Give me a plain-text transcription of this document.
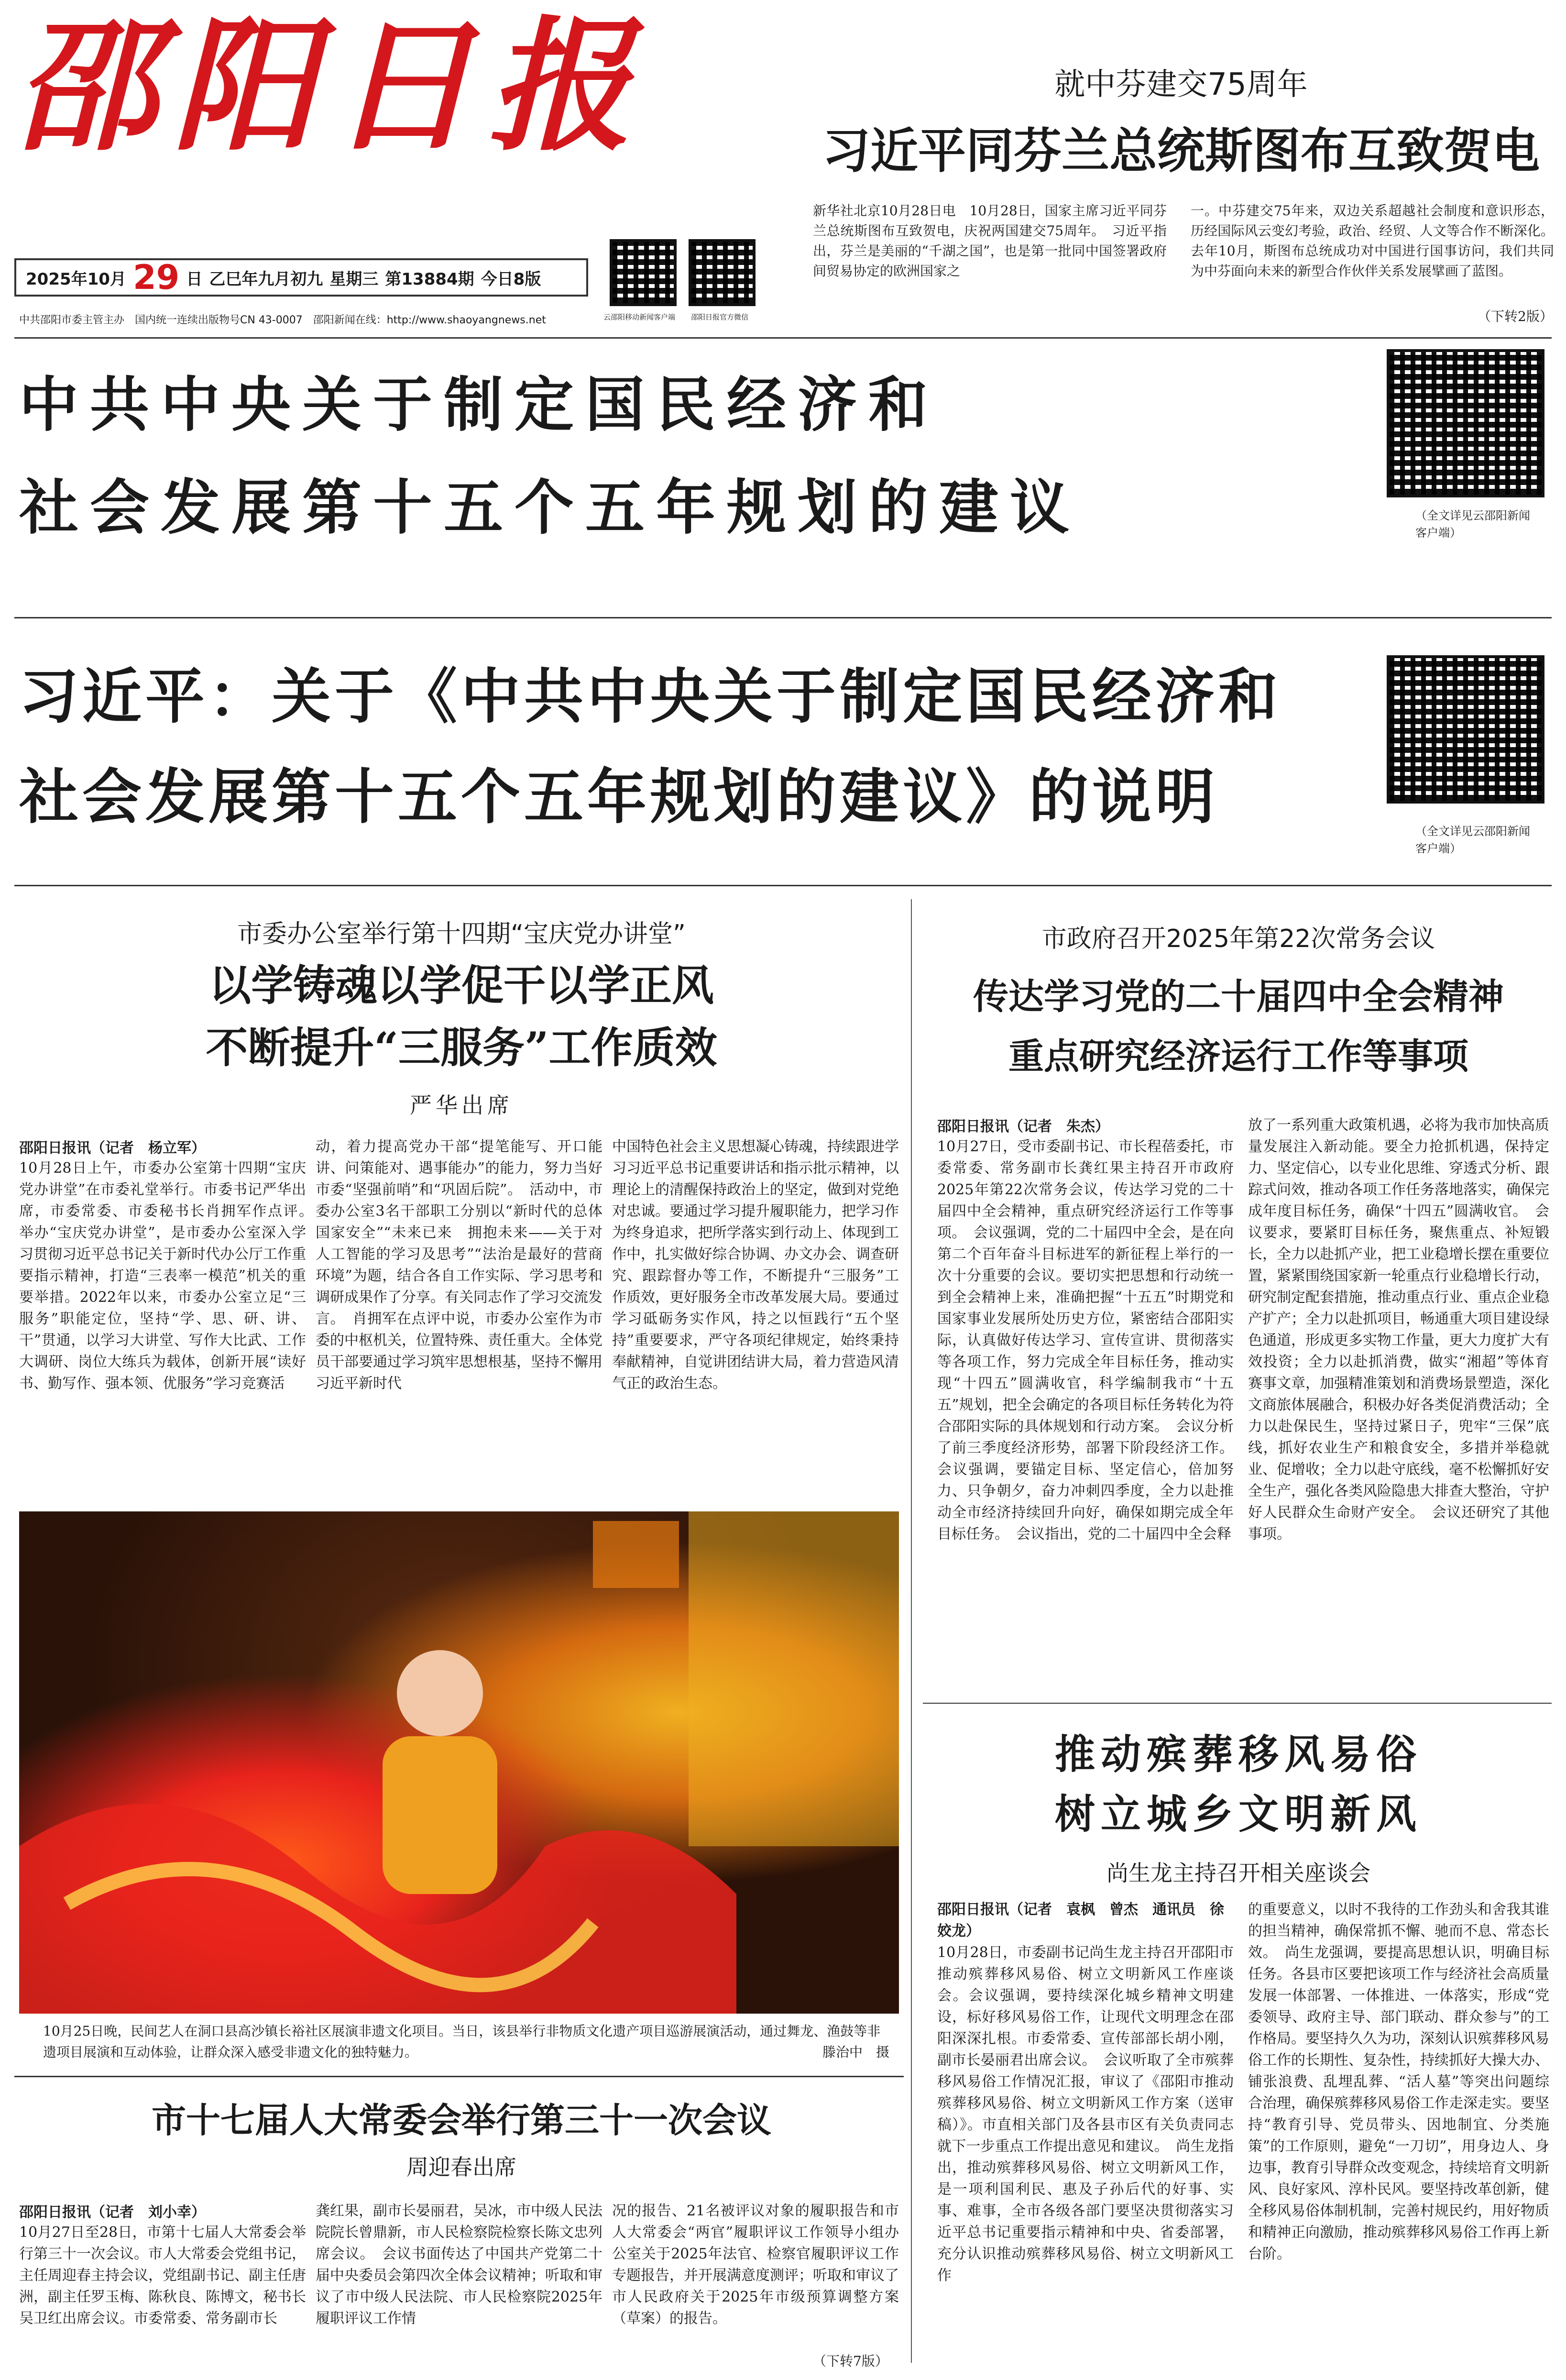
邵阳日报
2025年10月 29 日 乙巳年九月初九 星期三 第13884期 今日8版
中共邵阳市委主管主办　国内统一连续出版物号CN 43-0007　邵阳新闻在线：http://www.shaoyangnews.net	云邵阳移动新闻客户端 邵阳日报官方微信
就中芬建交75周年
习近平同芬兰总统斯图布互致贺电
新华社北京10月28日电　10月28日，国家主席习近平同芬兰总统斯图布互致贺电，庆祝两国建交75周年。　习近平指出，芬兰是美丽的“千湖之国”，也是第一批同中国签署政府间贸易协定的欧洲国家之
一。中芬建交75年来，双边关系超越社会制度和意识形态，历经国际风云变幻考验，政治、经贸、人文等合作不断深化。去年10月，斯图布总统成功对中国进行国事访问，我们共同为中芬面向未来的新型合作伙伴关系发展擘画了蓝图。
（下转2版）
中共中央关于制定国民经济和
社会发展第十五个五年规划的建议	（全文详见云邵阳新闻客户端）
习近平：关于《中共中央关于制定国民经济和
社会发展第十五个五年规划的建议》的说明	（全文详见云邵阳新闻客户端）
市委办公室举行第十四期“宝庆党办讲堂”
以学铸魂以学促干以学正风
不断提升“三服务”工作质效
严华出席
邵阳日报讯（记者　杨立军）
10月28日上午，市委办公室第十四期“宝庆党办讲堂”在市委礼堂举行。市委书记严华出席，市委常委、市委秘书长肖拥军作点评。　举办“宝庆党办讲堂”，是市委办公室深入学习贯彻习近平总书记关于新时代办公厅工作重要指示精神，打造“三表率一模范”机关的重要举措。2022年以来，市委办公室立足“三服务”职能定位，坚持“学、思、研、讲、干”贯通，以学习大讲堂、写作大比武、工作大调研、岗位大练兵为载体，创新开展“读好书、勤写作、强本领、优服务”学习竞赛活
动，着力提高党办干部“提笔能写、开口能讲、问策能对、遇事能办”的能力，努力当好市委“坚强前哨”和“巩固后院”。　活动中，市委办公室3名干部职工分别以“新时代的总体国家安全”“未来已来　拥抱未来——关于对人工智能的学习及思考”“法治是最好的营商环境”为题，结合各自工作实际、学习思考和调研成果作了分享。有关同志作了学习交流发言。　肖拥军在点评中说，市委办公室作为市委的中枢机关，位置特殊、责任重大。全体党员干部要通过学习筑牢思想根基，坚持不懈用习近平新时代
中国特色社会主义思想凝心铸魂，持续跟进学习习近平总书记重要讲话和指示批示精神，以理论上的清醒保持政治上的坚定，做到对党绝对忠诚。要通过学习提升履职能力，把学习作为终身追求，把所学落实到行动上、体现到工作中，扎实做好综合协调、办文办会、调查研究、跟踪督办等工作，不断提升“三服务”工作质效，更好服务全市改革发展大局。要通过学习砥砺务实作风，持之以恒践行“五个坚持”重要要求，严守各项纪律规定，始终秉持奉献精神，自觉讲团结讲大局，着力营造风清气正的政治生态。
10月25日晚，民间艺人在洞口县高沙镇长裕社区展演非遗文化项目。当日，该县举行非物质文化遗产项目巡游展演活动，通过舞龙、渔鼓等非遗项目展演和互动体验，让群众深入感受非遗文化的独特魅力。	滕治中　摄
市十七届人大常委会举行第三十一次会议
周迎春出席
邵阳日报讯（记者　刘小幸）
10月27日至28日，市第十七届人大常委会举行第三十一次会议。市人大常委会党组书记，主任周迎春主持会议，党组副书记、副主任唐洲，副主任罗玉梅、陈秋良、陈博文，秘书长吴卫红出席会议。市委常委、常务副市长
龚红果，副市长晏丽君，吴冰，市中级人民法院院长曾鼎新，市人民检察院检察长陈文忠列席会议。　会议书面传达了中国共产党第二十届中央委员会第四次全体会议精神；听取和审议了市中级人民法院、市人民检察院2025年履职评议工作情
况的报告、21名被评议对象的履职报告和市人大常委会“两官”履职评议工作领导小组办公室关于2025年法官、检察官履职评议工作专题报告，并开展满意度测评；听取和审议了市人民政府关于2025年市级预算调整方案（草案）的报告。
（下转7版）
市政府召开2025年第22次常务会议
传达学习党的二十届四中全会精神
重点研究经济运行工作等事项
邵阳日报讯（记者　朱杰）
10月27日，受市委副书记、市长程蓓委托，市委常委、常务副市长龚红果主持召开市政府2025年第22次常务会议，传达学习党的二十届四中全会精神，重点研究经济运行工作等事项。　会议强调，党的二十届四中全会，是在向第二个百年奋斗目标进军的新征程上举行的一次十分重要的会议。要切实把思想和行动统一到全会精神上来，准确把握“十五五”时期党和国家事业发展所处历史方位，紧密结合邵阳实际，认真做好传达学习、宣传宣讲、贯彻落实等各项工作，努力完成全年目标任务，推动实现“十四五”圆满收官，科学编制我市“十五五”规划，把全会确定的各项目标任务转化为符合邵阳实际的具体规划和行动方案。　会议分析了前三季度经济形势，部署下阶段经济工作。会议强调，要锚定目标、坚定信心，倍加努力、只争朝夕，奋力冲刺四季度，全力以赴推动全市经济持续回升向好，确保如期完成全年目标任务。　会议指出，党的二十届四中全会释
放了一系列重大政策机遇，必将为我市加快高质量发展注入新动能。要全力抢抓机遇，保持定力、坚定信心，以专业化思维、穿透式分析、跟踪式问效，推动各项工作任务落地落实，确保完成年度目标任务，确保“十四五”圆满收官。　会议要求，要紧盯目标任务，聚焦重点、补短锻长，全力以赴抓产业，把工业稳增长摆在重要位置，紧紧围绕国家新一轮重点行业稳增长行动，研究制定配套措施，推动重点行业、重点企业稳产扩产；全力以赴抓项目，畅通重大项目建设绿色通道，形成更多实物工作量，更大力度扩大有效投资；全力以赴抓消费，做实“湘超”等体育赛事文章，加强精准策划和消费场景塑造，深化文商旅体展融合，积极办好各类促消费活动；全力以赴保民生，坚持过紧日子，兜牢“三保”底线，抓好农业生产和粮食安全，多措并举稳就业、促增收；全力以赴守底线，毫不松懈抓好安全生产，强化各类风险隐患大排查大整治，守护好人民群众生命财产安全。　会议还研究了其他事项。
推动殡葬移风易俗
树立城乡文明新风
尚生龙主持召开相关座谈会
邵阳日报讯（记者　袁枫　曾杰　通讯员　徐姣龙）
10月28日，市委副书记尚生龙主持召开邵阳市推动殡葬移风易俗、树立文明新风工作座谈会。会议强调，要持续深化城乡精神文明建设，标好移风易俗工作，让现代文明理念在邵阳深深扎根。市委常委、宣传部部长胡小刚，副市长晏丽君出席会议。　会议听取了全市殡葬移风易俗工作情况汇报，审议了《邵阳市推动殡葬移风易俗、树立文明新风工作方案（送审稿）》。市直相关部门及各县市区有关负责同志就下一步重点工作提出意见和建议。　尚生龙指出，推动殡葬移风易俗、树立文明新风工作，是一项利国利民、惠及子孙后代的好事、实事、难事，全市各级各部门要坚决贯彻落实习近平总书记重要指示精神和中央、省委部署，充分认识推动殡葬移风易俗、树立文明新风工作
的重要意义，以时不我待的工作劲头和舍我其谁的担当精神，确保常抓不懈、驰而不息、常态长效。　尚生龙强调，要提高思想认识，明确目标任务。各县市区要把该项工作与经济社会高质量发展一体部署、一体推进、一体落实，形成“党委领导、政府主导、部门联动、群众参与”的工作格局。要坚持久久为功，深刻认识殡葬移风易俗工作的长期性、复杂性，持续抓好大操大办、铺张浪费、乱埋乱葬、“活人墓”等突出问题综合治理，确保殡葬移风易俗工作走深走实。要坚持“教育引导、党员带头、因地制宜、分类施策”的工作原则，避免“一刀切”，用身边人、身边事，教育引导群众改变观念，持续培育文明新风、良好家风、淳朴民风。要坚持改革创新，健全移风易俗体制机制，完善村规民约，用好物质和精神正向激励，推动殡葬移风易俗工作再上新台阶。
